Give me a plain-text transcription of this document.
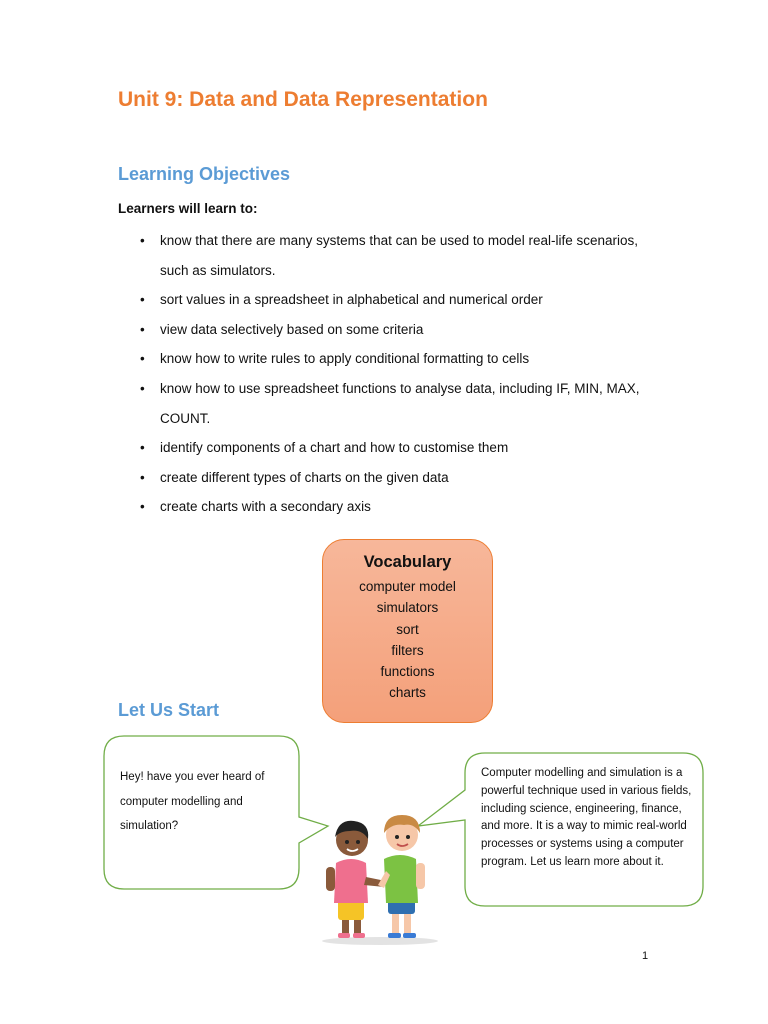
Unit 9: Data and Data Representation
Learning Objectives

Learners will learn to:

• know that there are many systems that can be used to model real-life scenarios, such as simulators.
• sort values in a spreadsheet in alphabetical and numerical order
• view data selectively based on some criteria
• know how to write rules to apply conditional formatting to cells
• know how to use spreadsheet functions to analyse data, including IF, MIN, MAX, COUNT.
• identify components of a chart and how to customise them
• create different types of charts on the given data
• create charts with a secondary axis

Vocabulary

computer model
simulators
sort
filters
functions
charts
Let Us Start

Hey! have you ever heard of computer modelling and simulation?

Computer modelling and simulation is a powerful technique used in various fields, including science, engineering, finance, and more. It is a way to mimic real-world processes or systems using a computer program. Let us learn more about it.

1
